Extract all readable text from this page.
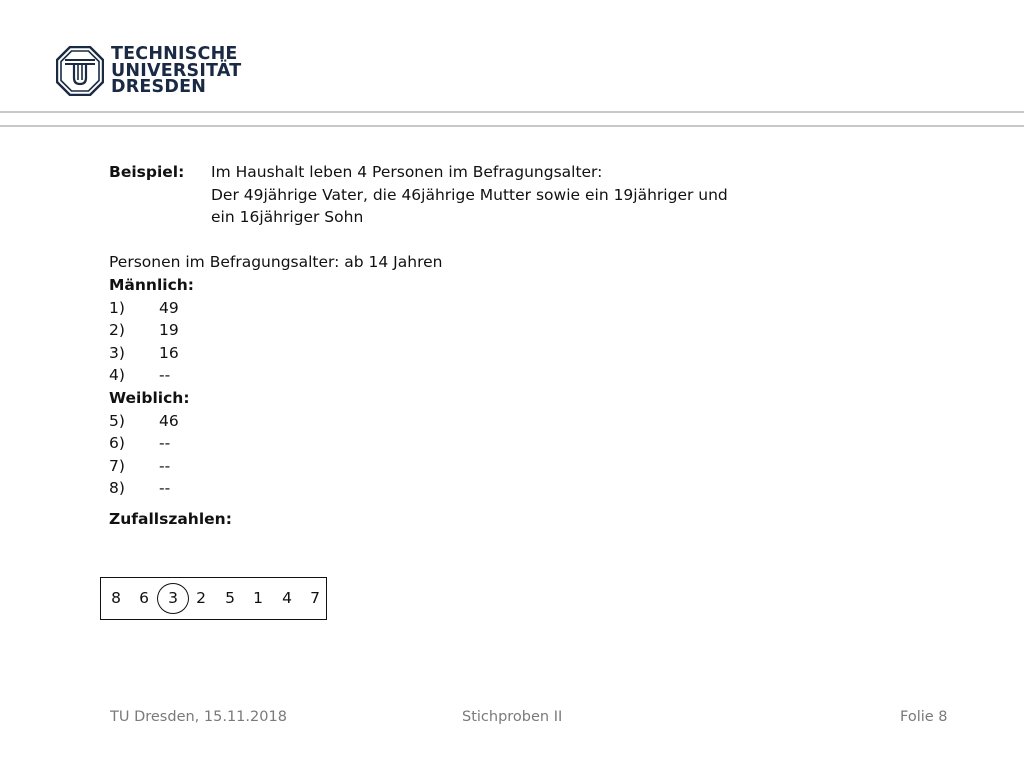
TECHNISCHE
UNIVERSITÄT
DRESDEN
Beispiel: Im Haushalt leben 4 Personen im Befragungsalter:
Der 49jährige Vater, die 46jährige Mutter sowie ein 19jähriger und
ein 16jähriger Sohn
Personen im Befragungsalter: ab 14 Jahren
Männlich:
1) 49
2) 19
3) 16
4) --
Weiblich:
5) 46
6) --
7) --
8) --
Zufallszahlen:
8 6 3 2 5 1 4 7
TU Dresden, 15.11.2018	Stichproben II	Folie 8
